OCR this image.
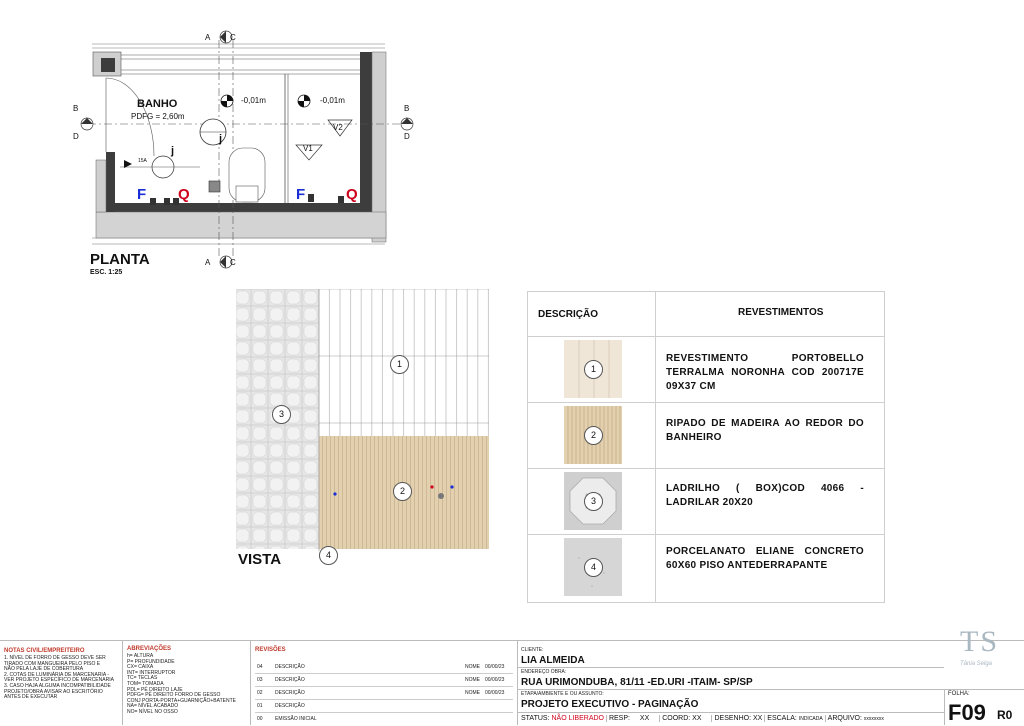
BANHO
PDFG = 2,60m
-0,01m	-0,01m
A C
A C
B
D
B
D
F Q	F	Q
j
j
V1
V2
15A
PLANTA
ESC. 1:25
1
2
3
4
VISTA
DESCRIÇÃO	REVESTIMENTOS
1
REVESTIMENTO PORTOBELLO TERRALMA NORONHA COD 200717E 09X37 CM
2
RIPADO DE MADEIRA AO REDOR DO BANHEIRO
3
LADRILHO ( BOX)COD 4066 - LADRILAR 20X20
4
PORCELANATO ELIANE CONCRETO 60X60 PISO ANTEDERRAPANTE
NOTAS CIVIL/EMPREITEIRO
1. NÍVEL DE FORRO DE GESSO DEVE SER
TIRADO COM MANGUEIRA PELO PISO E
NÃO PELA LAJE DE COBERTURA
2. COTAS DE LUMINÁRIA DE MARCENARIA -
VER PROJETO ESPECÍFICO DE MARCENARIA
3. CASO HAJA ALGUMA INCOMPATIBILIDADE
PROJETO/OBRA AVISAR AO ESCRITÓRIO
ANTES DE EXECUTAR
ABREVIAÇÕES
h= ALTURA
P= PROFUNDIDADE
CX= CAIXA
INT= INTERRUPTOR
TC= TECLAS
TOM= TOMADA
PDL= PÉ DIREITO LAJE
PDFG= PÉ DIREITO FORRO DE GESSO
CONJ PORTA-PORTA+GUARNIÇÃO+BATENTE
NA= NÍVEL ACABADO
NO= NÍVEL NO OSSO
REVISÕES
04 DESCRIÇÃO	NOME 00/00/23
03 DESCRIÇÃO	NOME 00/00/23
02 DESCRIÇÃO	NOME 00/00/23
01 DESCRIÇÃO
00 EMISSÃO INICIAL
CLIENTE:
LIA ALMEIDA
ENDEREÇO OBRA:
RUA URIMONDUBA, 81/11 -ED.URI -ITAIM- SP/SP
ETAPA/AMBIENTE E OU ASSUNTO:
PROJETO EXECUTIVO - PAGINAÇÃO
STATUS: NÃO LIBERADO RESP: XX COORD: XX DESENHO: XX ESCALA: INDICADA ARQUIVO: xxxxxxxx
TS
Tânia Selga
FOLHA:
F09 R0
